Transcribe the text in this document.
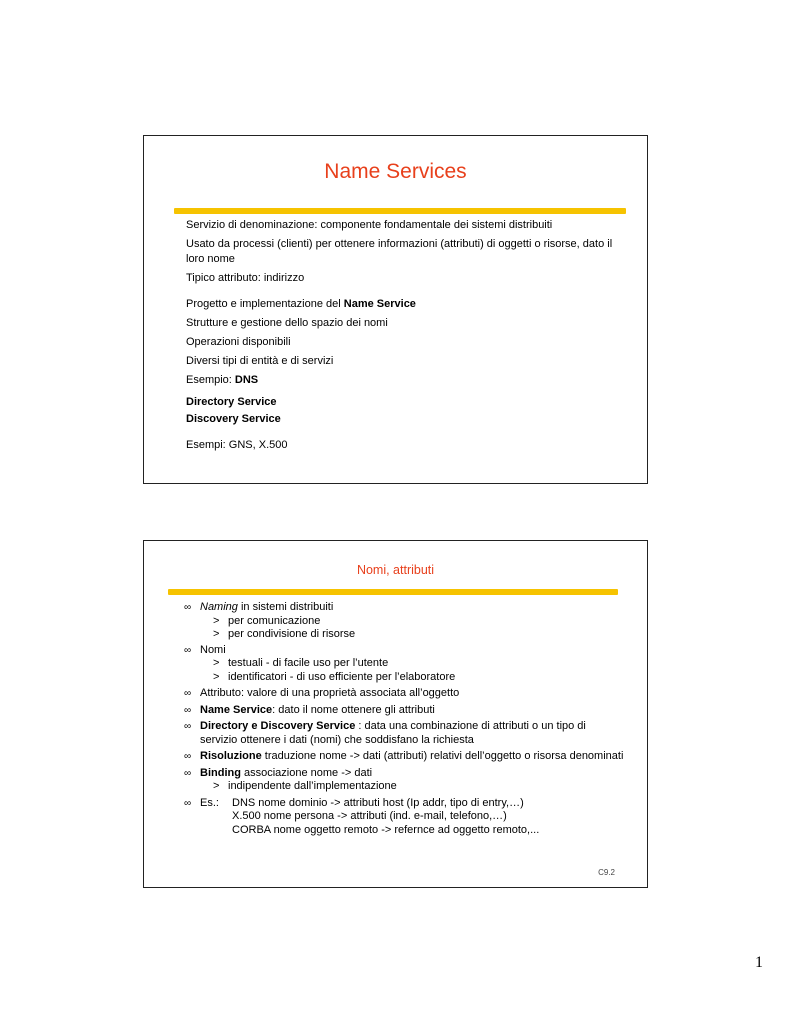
Name Services

Servizio di denominazione: componente fondamentale dei sistemi distribuiti

Usato da processi (clienti) per ottenere informazioni (attributi) di oggetti o risorse, dato il loro nome

Tipico attributo: indirizzo

Progetto e implementazione del Name Service

Strutture e gestione dello spazio dei nomi

Operazioni disponibili

Diversi tipi di entità e di servizi

Esempio: DNS

Directory Service

Discovery Service

Esempi: GNS, X.500

Nomi, attributi
∞ Naming in sistemi distribuiti
> per comunicazione
> per condivisione di risorse
∞ Nomi
> testuali - di facile uso per l’utente
> identificatori - di uso efficiente per l’elaboratore
∞ Attributo: valore di una proprietà associata all’oggetto
∞ Name Service: dato il nome ottenere gli attributi
∞ Directory e Discovery Service : data una combinazione di attributi o un tipo di servizio ottenere i dati (nomi) che soddisfano la richiesta
∞ Risoluzione traduzione nome -> dati (attributi) relativi dell’oggetto o risorsa denominati
∞ Binding associazione nome -> dati
> indipendente dall’implementazione
∞ Es.:	DNS nome dominio -> attributi host (Ip addr, tipo di entry,…)
X.500 nome persona -> attributi (ind. e-mail, telefono,…)
CORBA nome oggetto remoto -> refernce ad oggetto remoto,...
C9.2
1
